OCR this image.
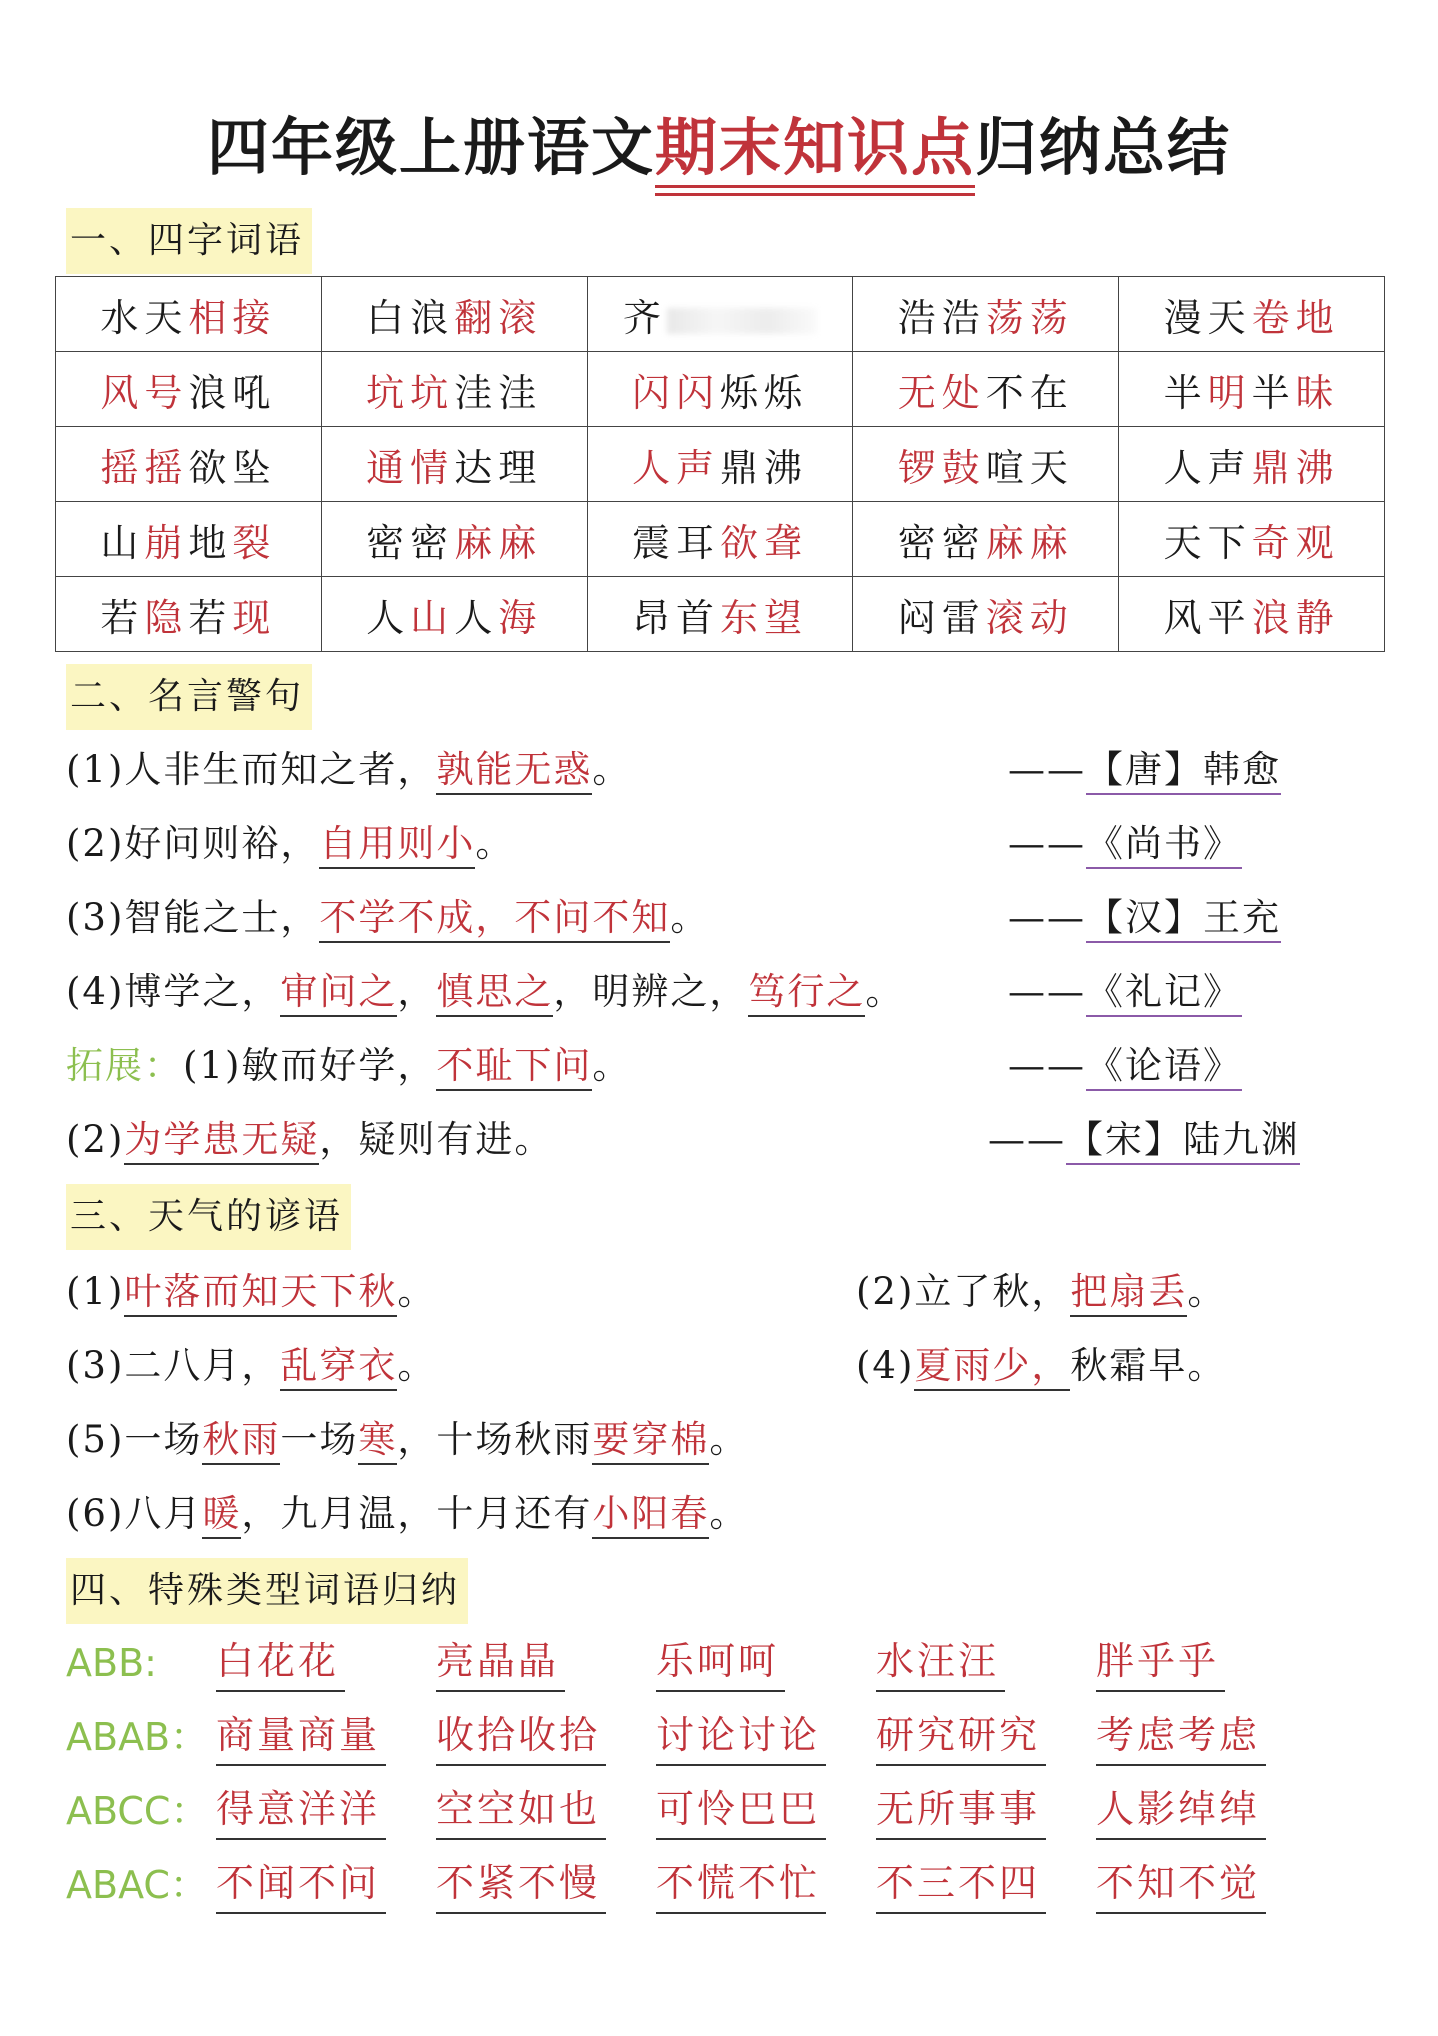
四年级上册语文期末知识点归纳总结
一、四字词语
水天相接	白浪翻滚	齐	浩浩荡荡	漫天卷地
风号浪吼	坑坑洼洼	闪闪烁烁	无处不在	半明半昧
摇摇欲坠	通情达理	人声鼎沸	锣鼓喧天	人声鼎沸
山崩地裂	密密麻麻	震耳欲聋	密密麻麻	天下奇观
若隐若现	人山人海	昂首东望	闷雷滚动	风平浪静
二、名言警句
(1)人非生而知之者，孰能无惑。	——【唐】韩愈
(2)好问则裕，自用则小。	——《尚书》
(3)智能之士，不学不成，不问不知。	——【汉】王充
(4)博学之，审问之，慎思之，明辨之，笃行之。	——《礼记》
拓展：(1)敏而好学，不耻下问。	——《论语》
(2)为学患无疑，疑则有进。	——【宋】陆九渊
三、天气的谚语
(1)叶落而知天下秋。	(2)立了秋，把扇丢。
(3)二八月，乱穿衣。	(4)夏雨少，秋霜早。
(5)一场秋雨一场寒，十场秋雨要穿棉。
(6)八月暖，九月温，十月还有小阳春。
四、特殊类型词语归纳
ABB: 白花花	亮晶晶	乐呵呵	水汪汪	胖乎乎
ABAB： 商量商量 收拾收拾 讨论讨论 研究研究 考虑考虑
ABCC： 得意洋洋 空空如也 可怜巴巴 无所事事 人影绰绰
ABAC： 不闻不问 不紧不慢 不慌不忙 不三不四 不知不觉
